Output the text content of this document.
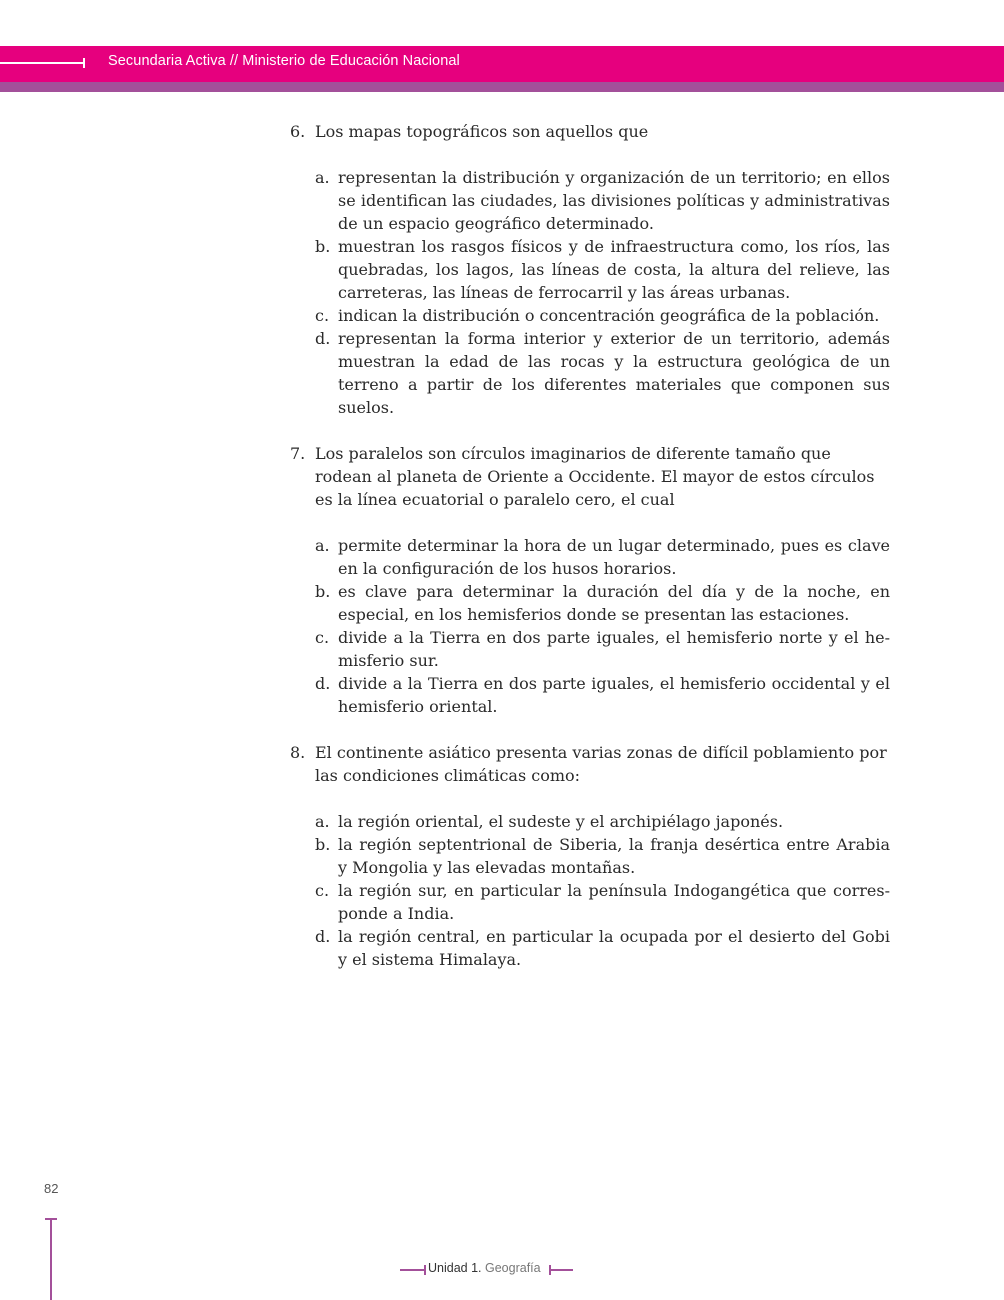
Secundaria Activa // Ministerio de Educación Nacional
6. Los mapas topográficos son aquellos que
a. representan la distribución y organización de un territorio; en ellos se identifican las ciudades, las divisiones políticas y administrativas de un espacio geográfico determinado.
b. muestran los rasgos físicos y de infraestructura como, los ríos, las quebradas, los lagos, las líneas de costa, la altura del relieve, las carreteras, las líneas de ferrocarril y las áreas urbanas.
c. indican la distribución o concentración geográfica de la población.
d. representan la forma interior y exterior de un territorio, además muestran la edad de las rocas y la estructura geológica de un terreno a partir de los diferentes materiales que componen sus suelos.
7. Los paralelos son círculos imaginarios de diferente tamaño que rodean al planeta de Oriente a Occidente. El mayor de estos círculos es la línea ecuatorial o paralelo cero, el cual
a. permite determinar la hora de un lugar determinado, pues es clave en la configuración de los husos horarios.
b. es clave para determinar la duración del día y de la noche, en especial, en los hemisferios donde se presentan las estaciones.
c. divide a la Tierra en dos parte iguales, el hemisferio norte y el hemisferio sur.
d. divide a la Tierra en dos parte iguales, el hemisferio occidental y el hemisferio oriental.
8. El continente asiático presenta varias zonas de difícil poblamiento por las condiciones climáticas como:
a. la región oriental, el sudeste y el archipiélago japonés.
b. la región septentrional de Siberia, la franja desértica entre Arabia y Mongolia y las elevadas montañas.
c. la región sur, en particular la península Indogangética que corresponde a India.
d. la región central, en particular la ocupada por el desierto del Gobi y el sistema Himalaya.
82
Unidad 1. Geografía
